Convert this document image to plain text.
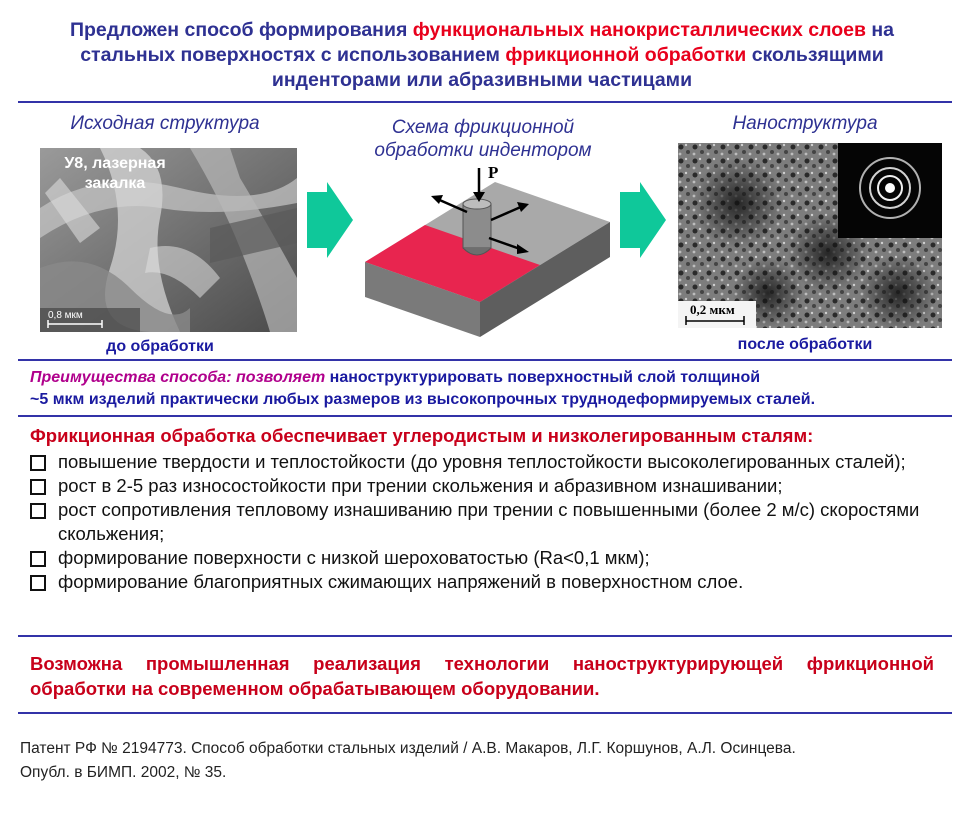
Предложен способ формирования функциональных нанокристаллических слоев на стальных поверхностях с использованием фрикционной обработки скользящими инденторами или абразивными частицами
Исходная структура	Схема фрикционной обработки индентором
Наноструктура
У8, лазерная закалка
0,8 мкм
до обработки
P
0,2 мкм
после обработки
Преимущества способа: позволяет наноструктурировать поверхностный слой толщиной
~5 мкм изделий практически любых размеров из высокопрочных труднодеформируемых сталей.
Фрикционная обработка обеспечивает углеродистым и низколегированным сталям:
повышение твердости и теплостойкости (до уровня теплостойкости высоколегированных сталей);
рост в 2-5 раз износостойкости при трении скольжения и абразивном изнашивании;
рост сопротивления тепловому изнашиванию при трении с повышенными (более 2 м/с) скоростями скольжения;
формирование поверхности с низкой шероховатостью (Ra<0,1 мкм);
формирование благоприятных сжимающих напряжений в поверхностном слое.
Возможна промышленная реализация технологии наноструктурирующей фрикционной обработки на современном обрабатывающем оборудовании.
Патент РФ № 2194773. Способ обработки стальных изделий / А.В. Макаров, Л.Г. Коршунов, А.Л. Осинцева.
Опубл. в БИМП. 2002, № 35.
